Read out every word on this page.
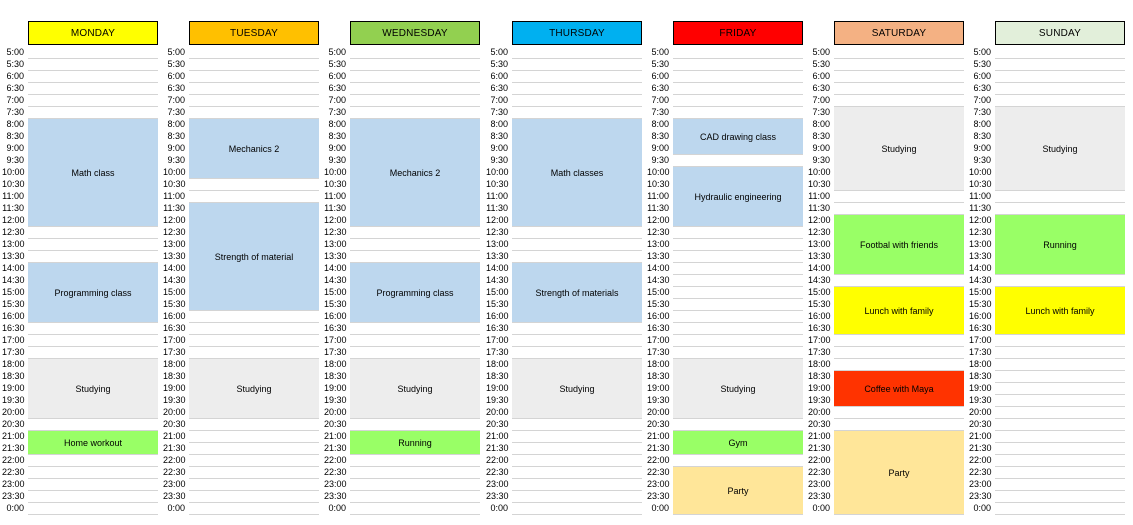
MONDAY
5:00
5:30
6:00
6:30
7:00
7:30
8:00
8:30
9:00
9:30
10:00
10:30
11:00
11:30
12:00
12:30
13:00
13:30
14:00
14:30
15:00
15:30
16:00
16:30
17:00
17:30
18:00
18:30
19:00
19:30
20:00
20:30
21:00
21:30
22:00
22:30
23:00
23:30
0:00
Math class
Programming class
Studying
Home workout
TUESDAY
5:00
5:30
6:00
6:30
7:00
7:30
8:00
8:30
9:00
9:30
10:00
10:30
11:00
11:30
12:00
12:30
13:00
13:30
14:00
14:30
15:00
15:30
16:00
16:30
17:00
17:30
18:00
18:30
19:00
19:30
20:00
20:30
21:00
21:30
22:00
22:30
23:00
23:30
0:00
Mechanics 2
Strength of material
Studying
WEDNESDAY
5:00
5:30
6:00
6:30
7:00
7:30
8:00
8:30
9:00
9:30
10:00
10:30
11:00
11:30
12:00
12:30
13:00
13:30
14:00
14:30
15:00
15:30
16:00
16:30
17:00
17:30
18:00
18:30
19:00
19:30
20:00
20:30
21:00
21:30
22:00
22:30
23:00
23:30
0:00
Mechanics 2
Programming class
Studying
Running
THURSDAY
5:00
5:30
6:00
6:30
7:00
7:30
8:00
8:30
9:00
9:30
10:00
10:30
11:00
11:30
12:00
12:30
13:00
13:30
14:00
14:30
15:00
15:30
16:00
16:30
17:00
17:30
18:00
18:30
19:00
19:30
20:00
20:30
21:00
21:30
22:00
22:30
23:00
23:30
0:00
Math classes
Strength of materials
Studying
FRIDAY
5:00
5:30
6:00
6:30
7:00
7:30
8:00
8:30
9:00
9:30
10:00
10:30
11:00
11:30
12:00
12:30
13:00
13:30
14:00
14:30
15:00
15:30
16:00
16:30
17:00
17:30
18:00
18:30
19:00
19:30
20:00
20:30
21:00
21:30
22:00
22:30
23:00
23:30
0:00
CAD drawing class
Hydraulic engineering
Studying
Gym
Party
SATURDAY
5:00
5:30
6:00
6:30
7:00
7:30
8:00
8:30
9:00
9:30
10:00
10:30
11:00
11:30
12:00
12:30
13:00
13:30
14:00
14:30
15:00
15:30
16:00
16:30
17:00
17:30
18:00
18:30
19:00
19:30
20:00
20:30
21:00
21:30
22:00
22:30
23:00
23:30
0:00
Studying
Footbal with friends
Lunch with family
Coffee with Maya
Party
SUNDAY
5:00
5:30
6:00
6:30
7:00
7:30
8:00
8:30
9:00
9:30
10:00
10:30
11:00
11:30
12:00
12:30
13:00
13:30
14:00
14:30
15:00
15:30
16:00
16:30
17:00
17:30
18:00
18:30
19:00
19:30
20:00
20:30
21:00
21:30
22:00
22:30
23:00
23:30
0:00
Studying
Running
Lunch with family
